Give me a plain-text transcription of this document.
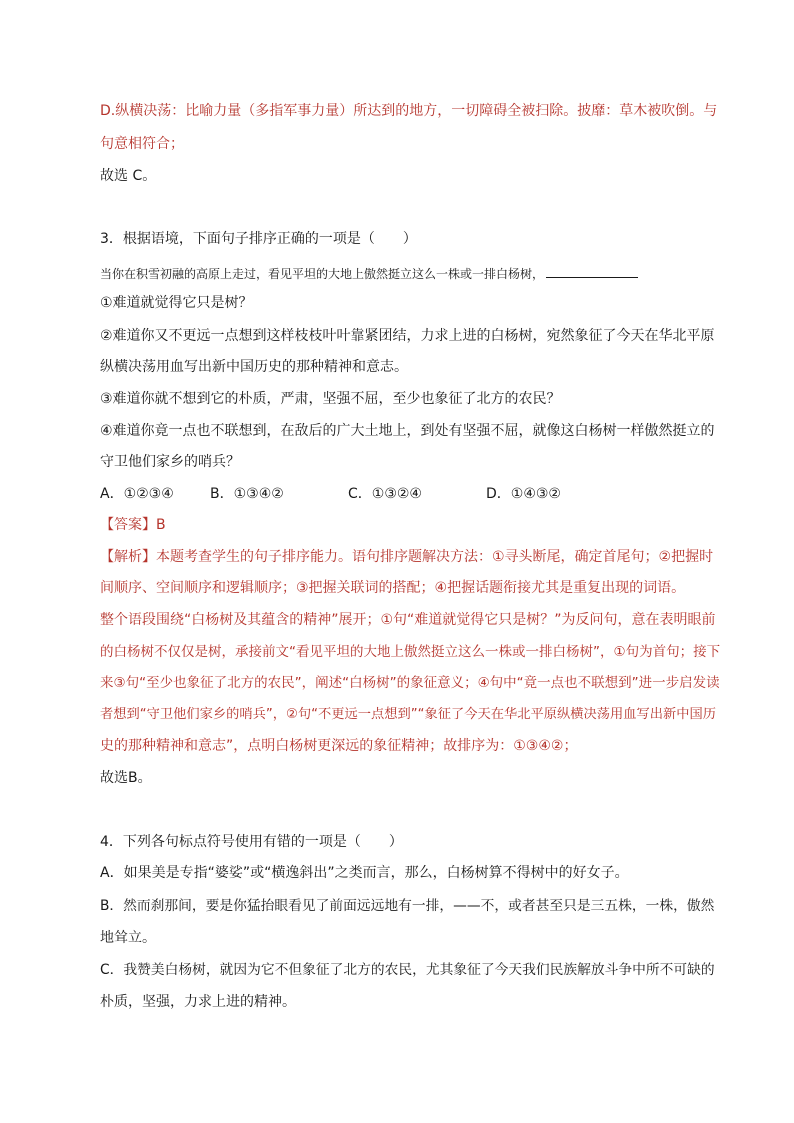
D.纵横决荡：比喻力量（多指军事力量）所达到的地方，一切障碍全被扫除。披靡：草木被吹倒。与
句意相符合；
故选 C。
3．根据语境，下面句子排序正确的一项是（　　）
当你在积雪初融的高原上走过，看见平坦的大地上傲然挺立这么一株或一排白杨树，
①难道就觉得它只是树？
②难道你又不更远一点想到这样枝枝叶叶靠紧团结，力求上进的白杨树，宛然象征了今天在华北平原
纵横决荡用血写出新中国历史的那种精神和意志。
③难道你就不想到它的朴质，严肃，坚强不屈，至少也象征了北方的农民？
④难道你竟一点也不联想到，在敌后的广大土地上，到处有坚强不屈，就像这白杨树一样傲然挺立的
守卫他们家乡的哨兵？
A．①②③④	B．①③④②	C．①③②④	D．①④③②
【答案】B
【解析】本题考查学生的句子排序能力。语句排序题解决方法：①寻头断尾，确定首尾句；②把握时
间顺序、空间顺序和逻辑顺序；③把握关联词的搭配；④把握话题衔接尤其是重复出现的词语。
整个语段围绕“白杨树及其蕴含的精神”展开；①句“难道就觉得它只是树？”为反问句，意在表明眼前
的白杨树不仅仅是树，承接前文“看见平坦的大地上傲然挺立这么一株或一排白杨树”，①句为首句；接下
来③句“至少也象征了北方的农民”，阐述“白杨树”的象征意义；④句中“竟一点也不联想到”进一步启发读
者想到“守卫他们家乡的哨兵”，②句“不更远一点想到”“象征了今天在华北平原纵横决荡用血写出新中国历
史的那种精神和意志”，点明白杨树更深远的象征精神；故排序为：①③④②；
故选B。
4．下列各句标点符号使用有错的一项是（　　）
A．如果美是专指“婆娑”或“横逸斜出”之类而言，那么，白杨树算不得树中的好女子。
B．然而刹那间，要是你猛抬眼看见了前面远远地有一排，——不，或者甚至只是三五株，一株，傲然
地耸立。
C．我赞美白杨树，就因为它不但象征了北方的农民，尤其象征了今天我们民族解放斗争中所不可缺的
朴质，坚强，力求上进的精神。
